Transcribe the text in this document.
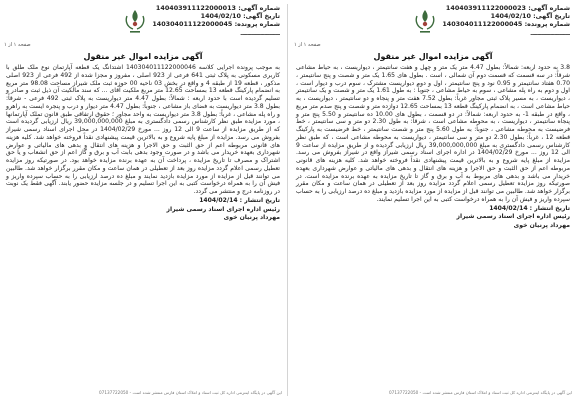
شماره آگهی: 140403911122000013
تاریخ آگهی: 1404/02/10
شماره پرونده: 140304011122000045
ــــــــــــــــــ
صفحه ۱ از ۱
آگهی مزایده اموال غیر منقول
به موجب پرونده اجرایی کلاسه 140304011122000046 اشتدانگ یک قطعه آپارتمان نوع ملک طلق با کاربری مسکونی به پلاک ثبتی 641 فرعی از 923 اصلی ، مفروز و مجزا شده از 492 فرعی از 923 اصلی مذکور ، قطعه 19 از طبقه 4 و واقع در بخش 03 ناحیه 00 حوزه ثبت ملک شیراز مساحت 98.08 متر مربع به انضمام پارکینگ قطعه 13 بمساحت 12.65 متر مربع ملکیت آقای ... که سند مالکیت آن ذیل ثبت و صادر و تسلیم گردیده است با حدود اربعه : شمالاً: بطول 4.47 متر دیواریست به پلاک ثبتی 492 فرعی - شرقاً: بطول 3.8 متر دیواریست به فضای باز مشاعی ، جنوباً: بطول 4.47 متر دیوار و درب و پنجره ایست به راهرو و راه پله مشاعی ، غرباً: بطول 3.8 متر دیواریست به واحد مجاور ؛ حقوق ارتفاقی طبق قانون تملک آپارتمانها ، مورد مزایده طبق نظر کارشناس رسمی دادگستری به مبلغ 39,000,000,000 ریال ارزیابی گردیده است که از طریق مزایده از ساعت 9 الی 12 روز ... مورخ 1404/02/29 در محل اجرای اسناد رسمی شیراز بفروش می رسد. مزایده از مبلغ پایه شروع و به بالاترین قیمت پیشنهادی نقداً فروخته خواهد شد. کلیه هزینه های قانونی مربوطه اعم از حق الثبت و حق الاجرا و هزینه های انتقال و بدهی های مالیاتی و عوارض شهرداری بعهده خریدار می باشد و در صورت وجود بدهی بابت آب و برق و گاز اعم از حق انشعاب و یا حق اشتراک و مصرف تا تاریخ مزایده ، پرداخت آن به عهده برنده مزایده خواهد بود. در صورتیکه روز مزایده تعطیل رسمی اعلام گردد مزایده روز بعد از تعطیلی در همان ساعت و مکان مقرر برگزار خواهد شد. طالبین می توانند قبل از مزایده از مورد مزایده بازدید نمایند و مبلغ ده درصد ارزیابی را به حساب سپرده واریز و فیش آن را به همراه درخواست کتبی به این اجرا تسلیم و در جلسه مزایده حضور یابند. آگهی فقط یک نوبت در روزنامه درج و منتشر می گردد.
تاریخ انتشار : 1404/02/14
رئیس اداره اجرای اسناد رسمی شیراز
مهرداد پرنیان خوی
این آگهی در پایگاه اینترنتی اداره کل ثبت اسناد و املاک استان فارس منتشر شده است - 07137722050
شماره آگهی: 140403911122000023
تاریخ آگهی: 1404/02/10
شماره پرونده: 140304011122000045
ــــــــــــــــــ
صفحه ۱ از ۱
آگهی مزایده اموال غیر منقول
3.8 به حدود اربعه: شمالاً: بطول 4.47 متر یک متر و چهل و هفت سانتیمتر ، دیواریست ، به حیاط مشاعی شرقاً: در سه قسمت که قسمت دوم آن شمالی ، است . بطول های 1.65 یک متر و شصت و پنج سانتیمتر ، 0.70 هفتاد سانتیمتر و 0.95 نود و پنج سانتیمتر ، اول و دوم دیواریست مشترک ، سوم درب و دیوار است ، اول و دوم به راه پله مشاعی ، سوم به حیاط مشاعی ، جنوباً : به طول 1.61 یک متر و شصت و یک سانتیمتر ، دیواریست ، به مسیر پلاک ثبتی مجاور غرباً: بطول 7.52 هفت متر و پنجاه و دو سانتیمتر ، دیواریست ، به حیاط مشاعی است ، به انضمام پارکینگ قطعه 13 بمساحت 12.65 دوازده متر و شصت و پنج صدم متر مربع ، واقع در طبقه 1- به حدود اربعه: شمالاً: در دو قسمت ، بطول های 10.00 ده سانتیمتر و 5.50 پنج متر و پنجاه سانتیمتر ، دیواریست ، به محوطه مشاعی است ، شرقاً: به طول 2.30 دو متر و سی سانتیمتر ، خط فرضیست به محوطه مشاعی ، جنوباً: به طول 5.60 پنج متر و شصت سانتیمتر ، خط فرضیست به پارکینگ قطعه 12 ، غرباً: بطول 2.30 دو متر و سی سانتیمتر ، دیواریست به محوطه مشاعی است ، که طبق نظر کارشناس رسمی دادگستری به مبلغ 39,000,000,000 ریال ارزیابی گردیده و از طریق مزایده از ساعت 9 الی 12 روز ... مورخ 1404/02/29 در اداره اجرای اسناد رسمی شیراز واقع در شیراز بفروش می رسد. مزایده از مبلغ پایه شروع و به بالاترین قیمت پیشنهادی نقداً فروخته خواهد شد. کلیه هزینه های قانونی مربوطه اعم از حق الثبت و حق الاجرا و هزینه های انتقال و بدهی های مالیاتی و عوارض شهرداری بعهده خریدار می باشد و بدهی های مربوط به آب و برق و گاز تا تاریخ مزایده به عهده برنده مزایده است. در صورتیکه روز مزایده تعطیل رسمی اعلام گردد مزایده روز بعد از تعطیلی در همان ساعت و مکان مقرر برگزار خواهد شد. طالبین می توانند قبل از مزایده از مورد مزایده بازدید و مبلغ ده درصد ارزیابی را به حساب سپرده واریز و فیش آن را به همراه درخواست کتبی به این اجرا تسلیم نمایند.
تاریخ انتشار : 1404/02/14
رئیس اداره اجرای اسناد رسمی شیراز
مهرداد پرنیان خوی
این آگهی در پایگاه اینترنتی اداره کل ثبت اسناد و املاک استان فارس منتشر شده است - 07137722050
